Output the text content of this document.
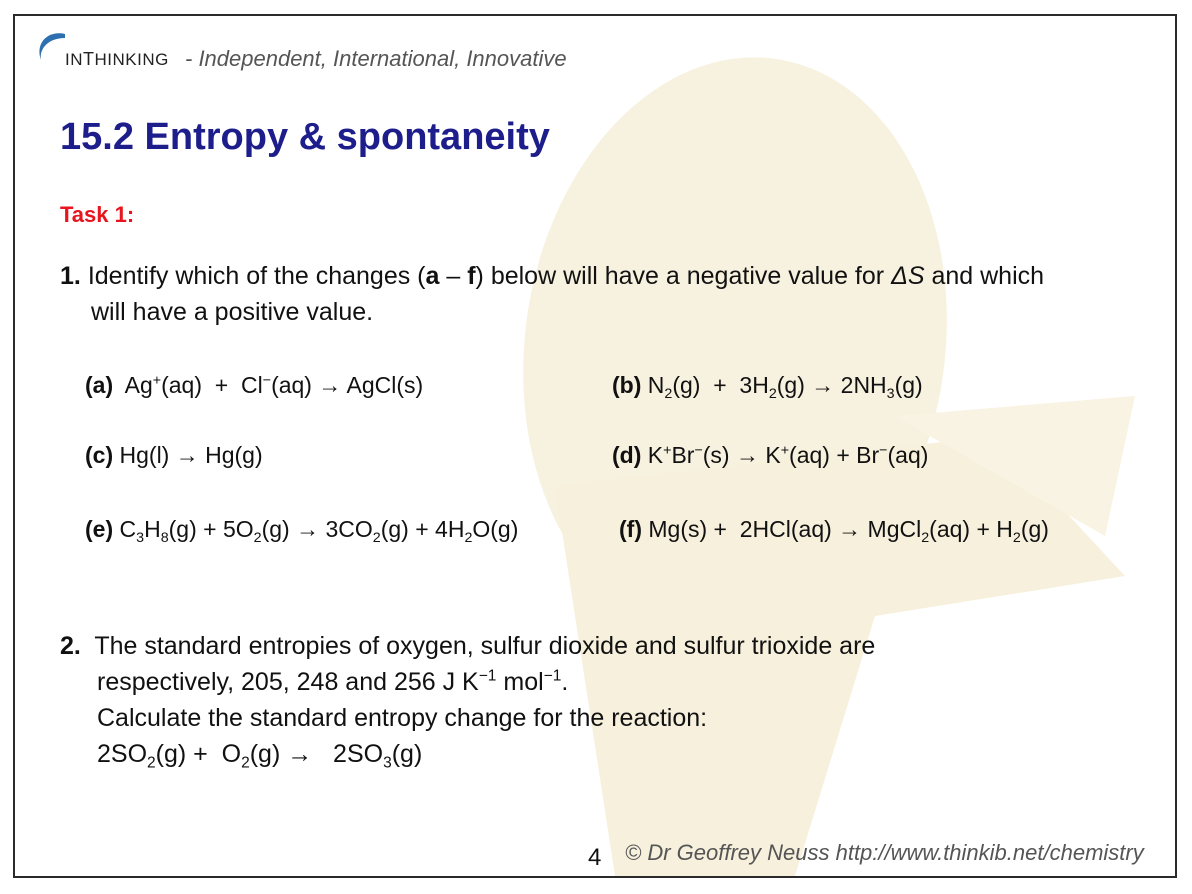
INTHINKING - Independent, International, Innovative
15.2 Entropy & spontaneity
Task 1:
1. Identify which of the changes (a – f) below will have a negative value for ΔS and which
will have a positive value.
(a)  Ag+(aq)  +  Cl−(aq) → AgCl(s)	(b) $N_2(g) + 3H_2(g) \to 2NH_3(g)$
(c) Hg(l) → Hg(g)	(d) K+Br−(s) → K+(aq) + Br−(aq)
(e) $C_3H_8(g) + 5O_2(g) \to 3CO_2(g) + 4H_2O(g)$	(f) Mg(s) +  2HCl(aq) → MgCl$_2$(aq) + $H_2(g)$
2. The standard entropies of oxygen, sulfur dioxide and sulfur trioxide are
respectively, 205, 248 and 256 J $K^{-1}$ mol$^{-1}$.
Calculate the standard entropy change for the reaction:
$2SO_2(g) + O_2(g) \to 2SO_3(g)$
4 © Dr Geoffrey Neuss http://www.thinkib.net/chemistry
